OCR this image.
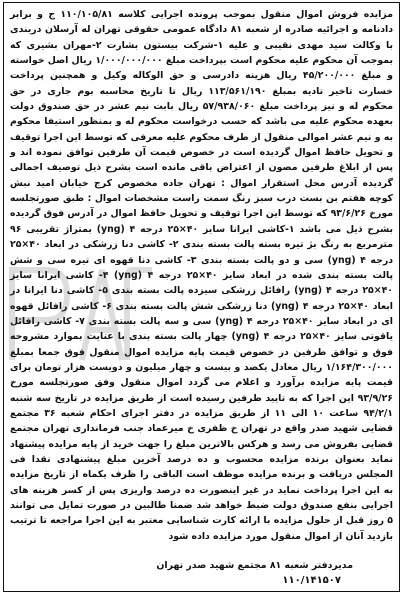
مزایده فروش اموال منقول بموجب پرونده اجرایی کلاسه ۱۱۰/۱۰۵/۸۱ ج و برابر دادنامه و اجرائیه صادره از شعبه ۸۱ دادگاه عمومی حقوقی تهران له آرسلان دریندی با وکالت سید مهدی نقیبی و علیه ۱-شرکت بیستون بشارت ۲-مهران بشیری که بموجب آن محکوم علیه محکوم است بپرداخت مبلغ ۱/۰۰۰/۰۰۰/۰۰۰ ریال اصل خواسته و مبلغ ۴۵/۲۰۰/۰۰۰ ریال هزینه دادرسی و حق الوکاله وکیل و همچنین پرداخت خسارت تاخیر تادیه بمبلغ ۱۱۳/۵۶۱/۱۹۰ ریال تا تاریخ محاسبه بوم جاری در حق محکوم له و نیز پرداخت مبلغ ۵۷/۹۳۸/۰۶۰ ریال بابت نیم عشر در حق صندوق دولت بعهده محکوم علیه می باشد که حسب درخواست محکوم له و بمنظور استیفا محکوم به و نیم عشر اموالی منقول از طرف محکوم علیه معرفی که توسط این اجرا توقیف و تحویل حافظ اموال گردیده است در خصوص قیمت آن طرفین توافق نموده اند و پس از ابلاغ طرفین مصون از اعتراض باقی مانده است بشرح ذیل توصیف اجمالی گردیده آدرس محل استقرار اموال : تهران جاده مخصوص کرج خیابان امید نبش کوچه هفتم بن بست درب سبز رنگ سمت راست مشخصات اموال : طبق صورتجلسه مورخ ۹۳/۶/۲۶ که توسط این اجرا توقیف و تحویل حافظ اموال در آدرس فوق گردیده بشرح ذیل می باشد ۱-کاشی ایرانا سایز ۴۰×۲۵ درجه ۴ (yng) بمتراژ تقریبی ۹۶ مترمربع به رنگ بژ تیره بسته پالت بسته بندی ۲- کاشی دنا زرشکی در ابعاد ۴۰×۲۵ درجه ۴ (yng) سی و دو پالت بسته بندی ۳- کاشی دنا قهوه ای تیره سی و شش پالت بسته بندی شده در ابعاد سایز ۴۰×۲۵ درجه ۴ (yng) ۴- کاشی ایرانا سایز ۴۰×۲۵ درجه ۴ (yng) رافائل زرشکی سیزده پالت بسته بندی ۵- کاشی دنا ایرانا در ابعاد ۴۰×۲۵ درجه ۴ (yng) دنا زرشکی شش پالت بسته بندی ۶- کاشی رافائل قهوه ای در ابعاد سایز ۴۰×۲۵ درجه ۴ (yng) سی و سه پالت بسته بندی ۷- کاشی رافائل یاقوتی سایز ۴۰×۲۵ درجه ۴ (yng) چهار پالت بسته بندی با عنایت بموارد مشروحه فوق و توافق طرفین در خصوص قیمت پایه مزایده اموال منقول فوق جمعا بمبلغ ۱/۱۶۴/۳۰۰/۰۰۰ ریال معادل یکصد و بیست و چهار میلیون و دویست هزار تومان برای قیمت پایه مزایده برآورد و اعلام می گردد اموال منقول وفق صورتجلسه مورخ ۹۳/۹/۲۶ این اجرا که به تایید طرفین رسیده است از طریق مزایده در تاریخ سه شنبه ۹۴/۲/۱ ساعت ۱۰ الی ۱۱ از طریق مزایده در دفتر اجرای احکام شعبه ۳۶ مجتمع قضایی شهید صدر واقع در تهران خ ظفری خ میرعماد جنب فرمانداری تهران مجتمع قضایی بفروش می رسد و هرکس بالاترین مبلغ را جهت خرید از پایه مزایده پیشنهاد نماید بعنوان برنده مزایده محسوب و ده درصد آخرین مبلغ پیشنهادی نقدا فی المجلس دریافت و برنده مزایده موظف است الباقی را ظرف یکماه از تاریخ مزایده به این اجرا پرداخت نماید در غیر اینصورت ده درصد واریزی پس از کسر هزینه های اجرایی بنفع صندوق دولت ضبط خواهد شد ضمنا طالبین در صورت تمایل می توانند ۵ روز قبل از حلول مزایده با ارائه کارت شناسایی معتبر به این اجرا مراجعه تا ترتیب بازدید آنان از اموال منقول مورد مزایده داده شود

مدیردفتر شعبه ۸۱ مجتمع شهید صدر تهران
۱۱۰/۱۴۱۵۰۷
